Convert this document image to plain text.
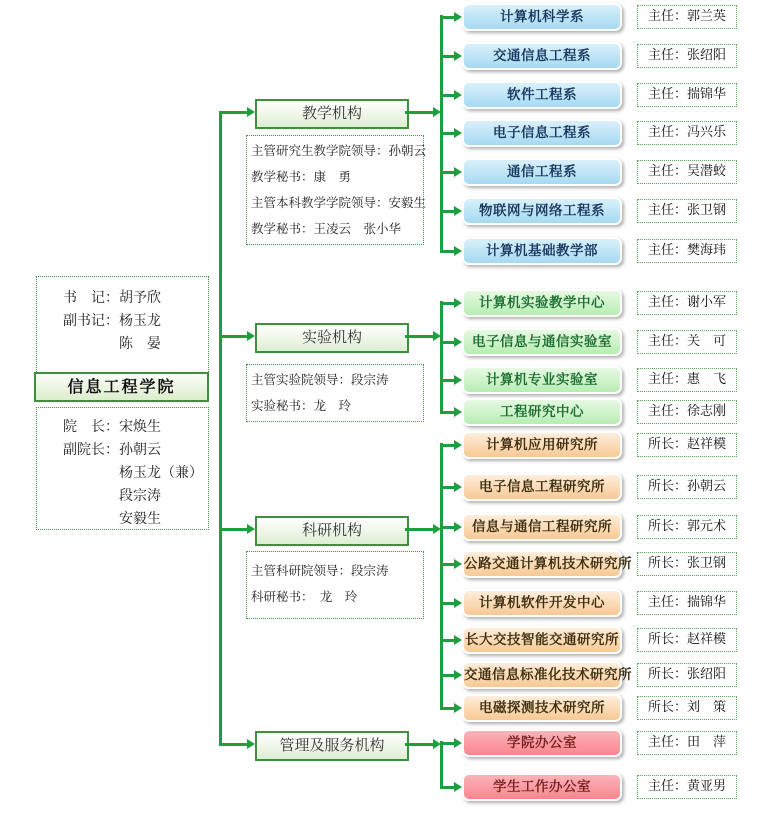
书　记：胡予欣
副书记：杨玉龙
　　　　陈　晏
信息工程学院
院　长：宋焕生
副院长：孙朝云
　　　　杨玉龙（兼）
　　　　段宗涛
　　　　安毅生
教学机构
主管研究生教学院领导：孙朝云
教学秘书：康　勇
主管本科教学学院领导：安毅生
教学秘书：王凌云　张小华
实验机构
主管实验院领导：段宗涛
实验秘书：龙　玲
科研机构
主管科研院领导：段宗涛
科研秘书：　龙　玲
管理及服务机构
计算机科学系	主任：郭兰英
交通信息工程系	主任：张绍阳
软件工程系	主任：揣锦华
电子信息工程系	主任：冯兴乐
通信工程系	主任：吴潜蛟
物联网与网络工程系	主任：张卫钢
计算机基础教学部	主任：樊海玮
计算机实验教学中心	主任：谢小军
电子信息与通信实验室	主任：关　可
计算机专业实验室	主任：惠　飞
工程研究中心	主任：徐志刚
计算机应用研究所	所长：赵祥模
电子信息工程研究所	所长：孙朝云
信息与通信工程研究所	所长：郭元术
公路交通计算机技术研究所	所长：张卫钢
计算机软件开发中心	主任：揣锦华
长大交技智能交通研究所	所长：赵祥模
交通信息标准化技术研究所	所长：张绍阳
电磁探测技术研究所	所长：刘　策
学院办公室	主任：田　萍
学生工作办公室	主任：黄亚男
